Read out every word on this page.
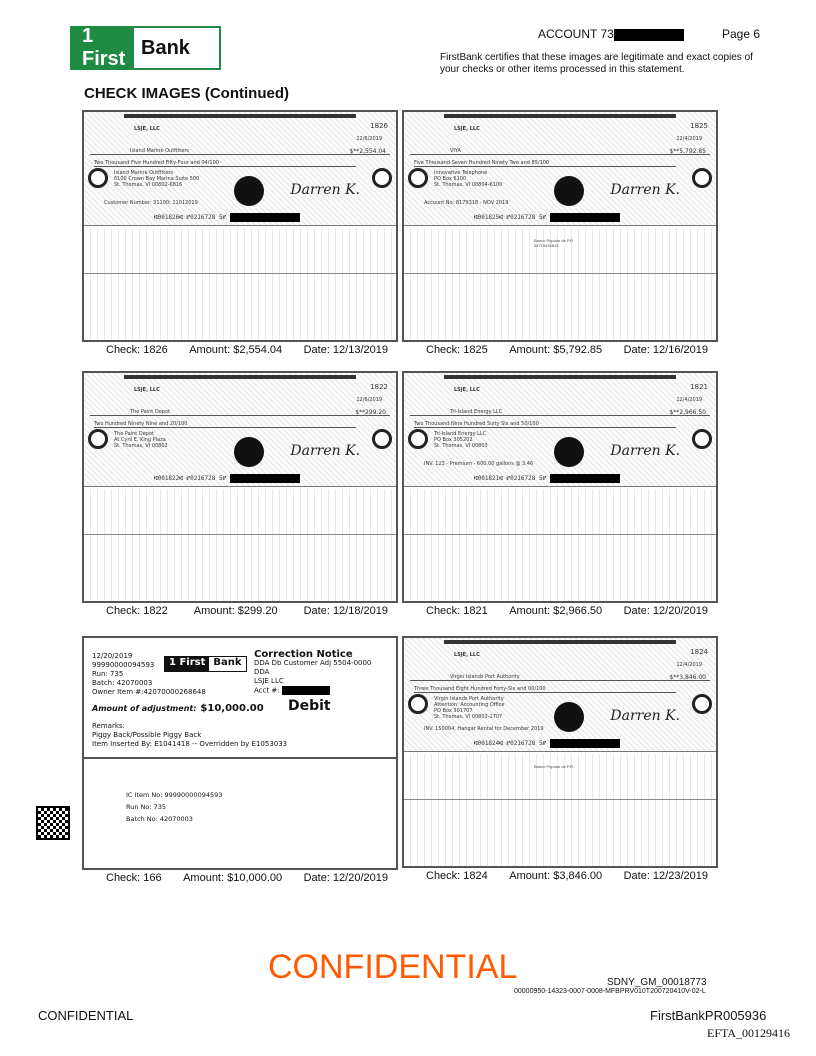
1 First
Bank
ACCOUNT 73	Page 6
FirstBank certifies that these images are legitimate and exact copies of your checks or other items processed in this statement.
CHECK IMAGES (Continued)
1826
LSJE, LLC
12/6/2019
Island Marine Outfitters	$**2,554.04
Two Thousand Five Hundred Fifty-Four and 04/100
Island Marine Outfitters
6100 Crown Bay Marina Suite 500
St. Thomas, VI 00802-6816
Customer Number: 31100; 11012019
Darren K.
⑆001826⑆ ⑈0216728 5⑈
Check: 1826 Amount: $2,554.04 Date: 12/13/2019
1825
LSJE, LLC
12/4/2019
VIYA	$**5,792.85
Five Thousand Seven Hundred Ninety Two and 85/100
Innovative Telephone
PO Box 6100
St. Thomas, VI 00804-6100
Account No: 8179318 - NOV 2019
Darren K.
⑆001825⑆ ⑈0216728 5⑈
Banco Popular de P.R.
34715430815
Check: 1825 Amount: $5,792.85 Date: 12/16/2019
1822
LSJE, LLC
12/6/2019
The Paint Depot	$**299.20
Two Hundred Ninety Nine and 20/100
The Paint Depot
At Cyril E. King Plaza
St. Thomas, VI 00802	Darren K.
⑆001822⑆ ⑈0216728 5⑈
Check: 1822 Amount: $299.20 Date: 12/18/2019
1821
LSJE, LLC
12/4/2019
Tri-Island Energy LLC	$**2,966.50
Two Thousand Nine Hundred Sixty Six and 50/100
Tri-Island Energy LLC
PO Box 305202
St. Thomas, VI 00803
INV. 123 - Premium - 600.00 gallons @ 3.46
Darren K.
⑆001821⑆ ⑈0216728 5⑈
Check: 1821 Amount: $2,966.50 Date: 12/20/2019
1824
LSJE, LLC
12/4/2019
Virgin Islands Port Authority	$**3,846.00
Three Thousand Eight Hundred Forty-Six and 00/100
Virgin Islands Port Authority
Attention: Accounting Office
PO Box 301707
St. Thomas, VI 00803-1707
INV. 150004, Hangar Rental for December 2019
Darren K.
⑆001824⑆ ⑈0216728 5⑈
Banco Popular de P.R.
Check: 1824 Amount: $3,846.00 Date: 12/23/2019
12/20/2019
99990000094593
Run: 735
Batch: 42070003
Owner Item #:42070000268648
1 First Bank
Correction Notice
DDA Db Customer Adj 5504-0000
DDA
LSJE LLC
Acct #:
Amount of adjustment: $10,000.00 Debit
Remarks:
Piggy Back/Possible Piggy Back
Item Inserted By: E1041418 -- Overridden by E1053033
IC Item No: 99990000094593
Run No: 735
Batch No: 42070003
Check: 166 Amount: $10,000.00 Date: 12/20/2019
CONFIDENTIAL	SDNY_GM_00018773
00000950-14323-0007-0008-MFBPRV010T200720410V-02-L
CONFIDENTIAL	FirstBankPR005936
EFTA_00129416
